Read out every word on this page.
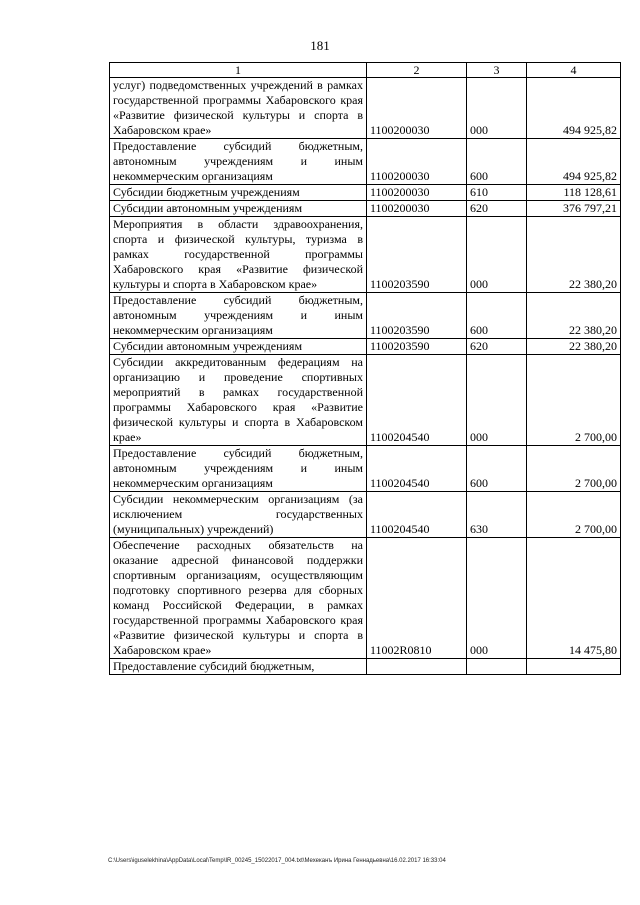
181
1	2	3	4
услуг) подведомственных учреждений в рамках государственной программы Хабаровского края «Развитие физической культуры и спорта в Хабаровском крае»	1100200030	000	494 925,82
Предоставление субсидий бюджетным, автономным учреждениям и иным некоммерческим организациям	1100200030	600	494 925,82
Субсидии бюджетным учреждениям	1100200030	610	118 128,61
Субсидии автономным учреждениям	1100200030	620	376 797,21
Мероприятия в области здравоохранения, спорта и физической культуры, туризма в рамках государственной программы Хабаровского края «Развитие физической культуры и спорта в Хабаровском крае»	1100203590	000	22 380,20
Предоставление субсидий бюджетным, автономным учреждениям и иным некоммерческим организациям	1100203590	600	22 380,20
Субсидии автономным учреждениям	1100203590	620	22 380,20
Субсидии аккредитованным федерациям на организацию и проведение спортивных мероприятий в рамках государственной программы Хабаровского края «Развитие физической культуры и спорта в Хабаровском крае»	1100204540	000	2 700,00
Предоставление субсидий бюджетным, автономным учреждениям и иным некоммерческим организациям	1100204540	600	2 700,00
Субсидии некоммерческим организациям (за исключением государственных (муниципальных) учреждений)	1100204540	630	2 700,00
Обеспечение расходных обязательств на оказание адресной финансовой поддержки спортивным организациям, осуществляющим подготовку спортивного резерва для сборных команд Российской Федерации, в рамках государственной программы Хабаровского края «Развитие физической культуры и спорта в Хабаровском крае»	11002R0810	000	14 475,80
Предоставление субсидий бюджетным,			
C:\Users\iguselekhina\AppData\Local\Temp\IR_00245_15022017_004.txt\Мехеканъ Ирина Геннадьевна\16.02.2017 16:33:04
